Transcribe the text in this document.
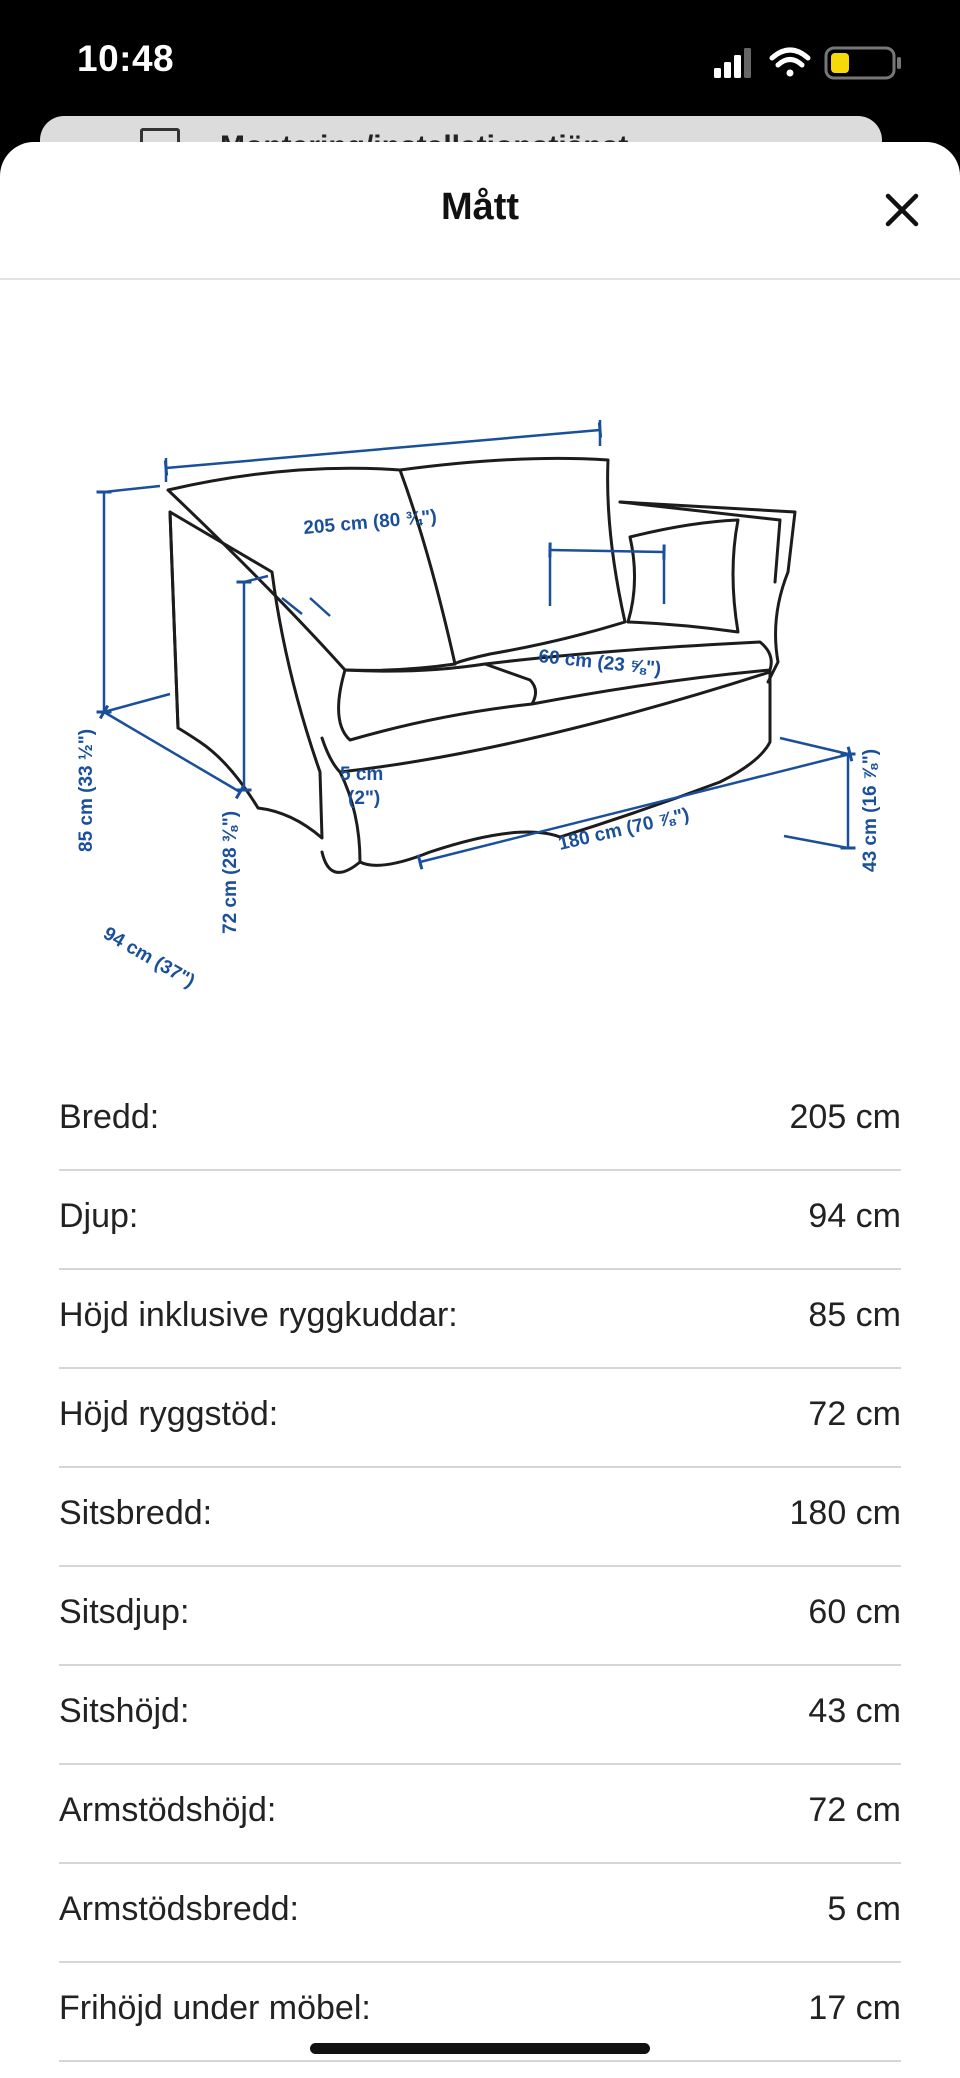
10:48
Mått
205 cm (80 ¾")
60 cm (23 ⅝")
5 cm
(2")
180 cm (70 ⅞")
85 cm (33 ½")
72 cm (28 ⅜")
94 cm (37")
43 cm (16 ⅞")
Bredd:	205 cm
Djup:	94 cm
Höjd inklusive ryggkuddar:	85 cm
Höjd ryggstöd:	72 cm
Sitsbredd:	180 cm
Sitsdjup:	60 cm
Sitshöjd:	43 cm
Armstödshöjd:	72 cm
Armstödsbredd:	5 cm
Frihöjd under möbel:	17 cm
